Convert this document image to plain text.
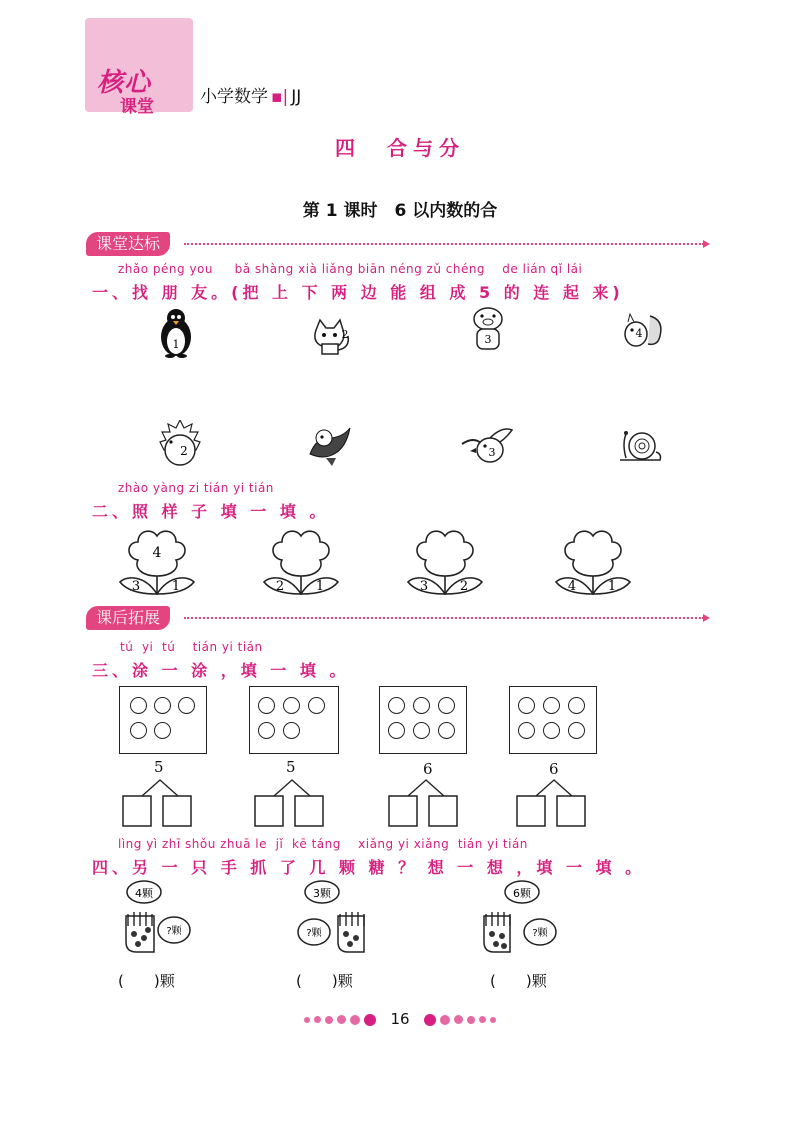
核心
课堂	小学数学 ▪| JJ
四　合与分
第 1 课时　6 以内数的合
课堂达标
zhǎo péng you     bǎ shàng xià liǎng biān néng zǔ chéng    de lián qǐ lái
一、找 朋 友。(把 上 下 两 边 能 组 成 5 的 连 起 来)
1
2	3	4
2	3
zhào yàng zi tián yi tián
二、照 样 子 填 一 填 。
4
3 1	2 1	3 2	4 1
课后拓展
tú  yi  tú    tián yi tián
三、涂 一 涂 ，填 一 填 。
5	5	6	6
lìng yì zhī shǒu zhuā le  jǐ  kē táng    xiǎng yi xiǎng  tián yi tián
四、另 一 只 手 抓 了 几 颗 糖 ？ 想 一 想 ，填 一 填 。
4颗
?颗
(　　)颗
3颗
?颗
(　　)颗
6颗
?颗
(　　)颗
16
